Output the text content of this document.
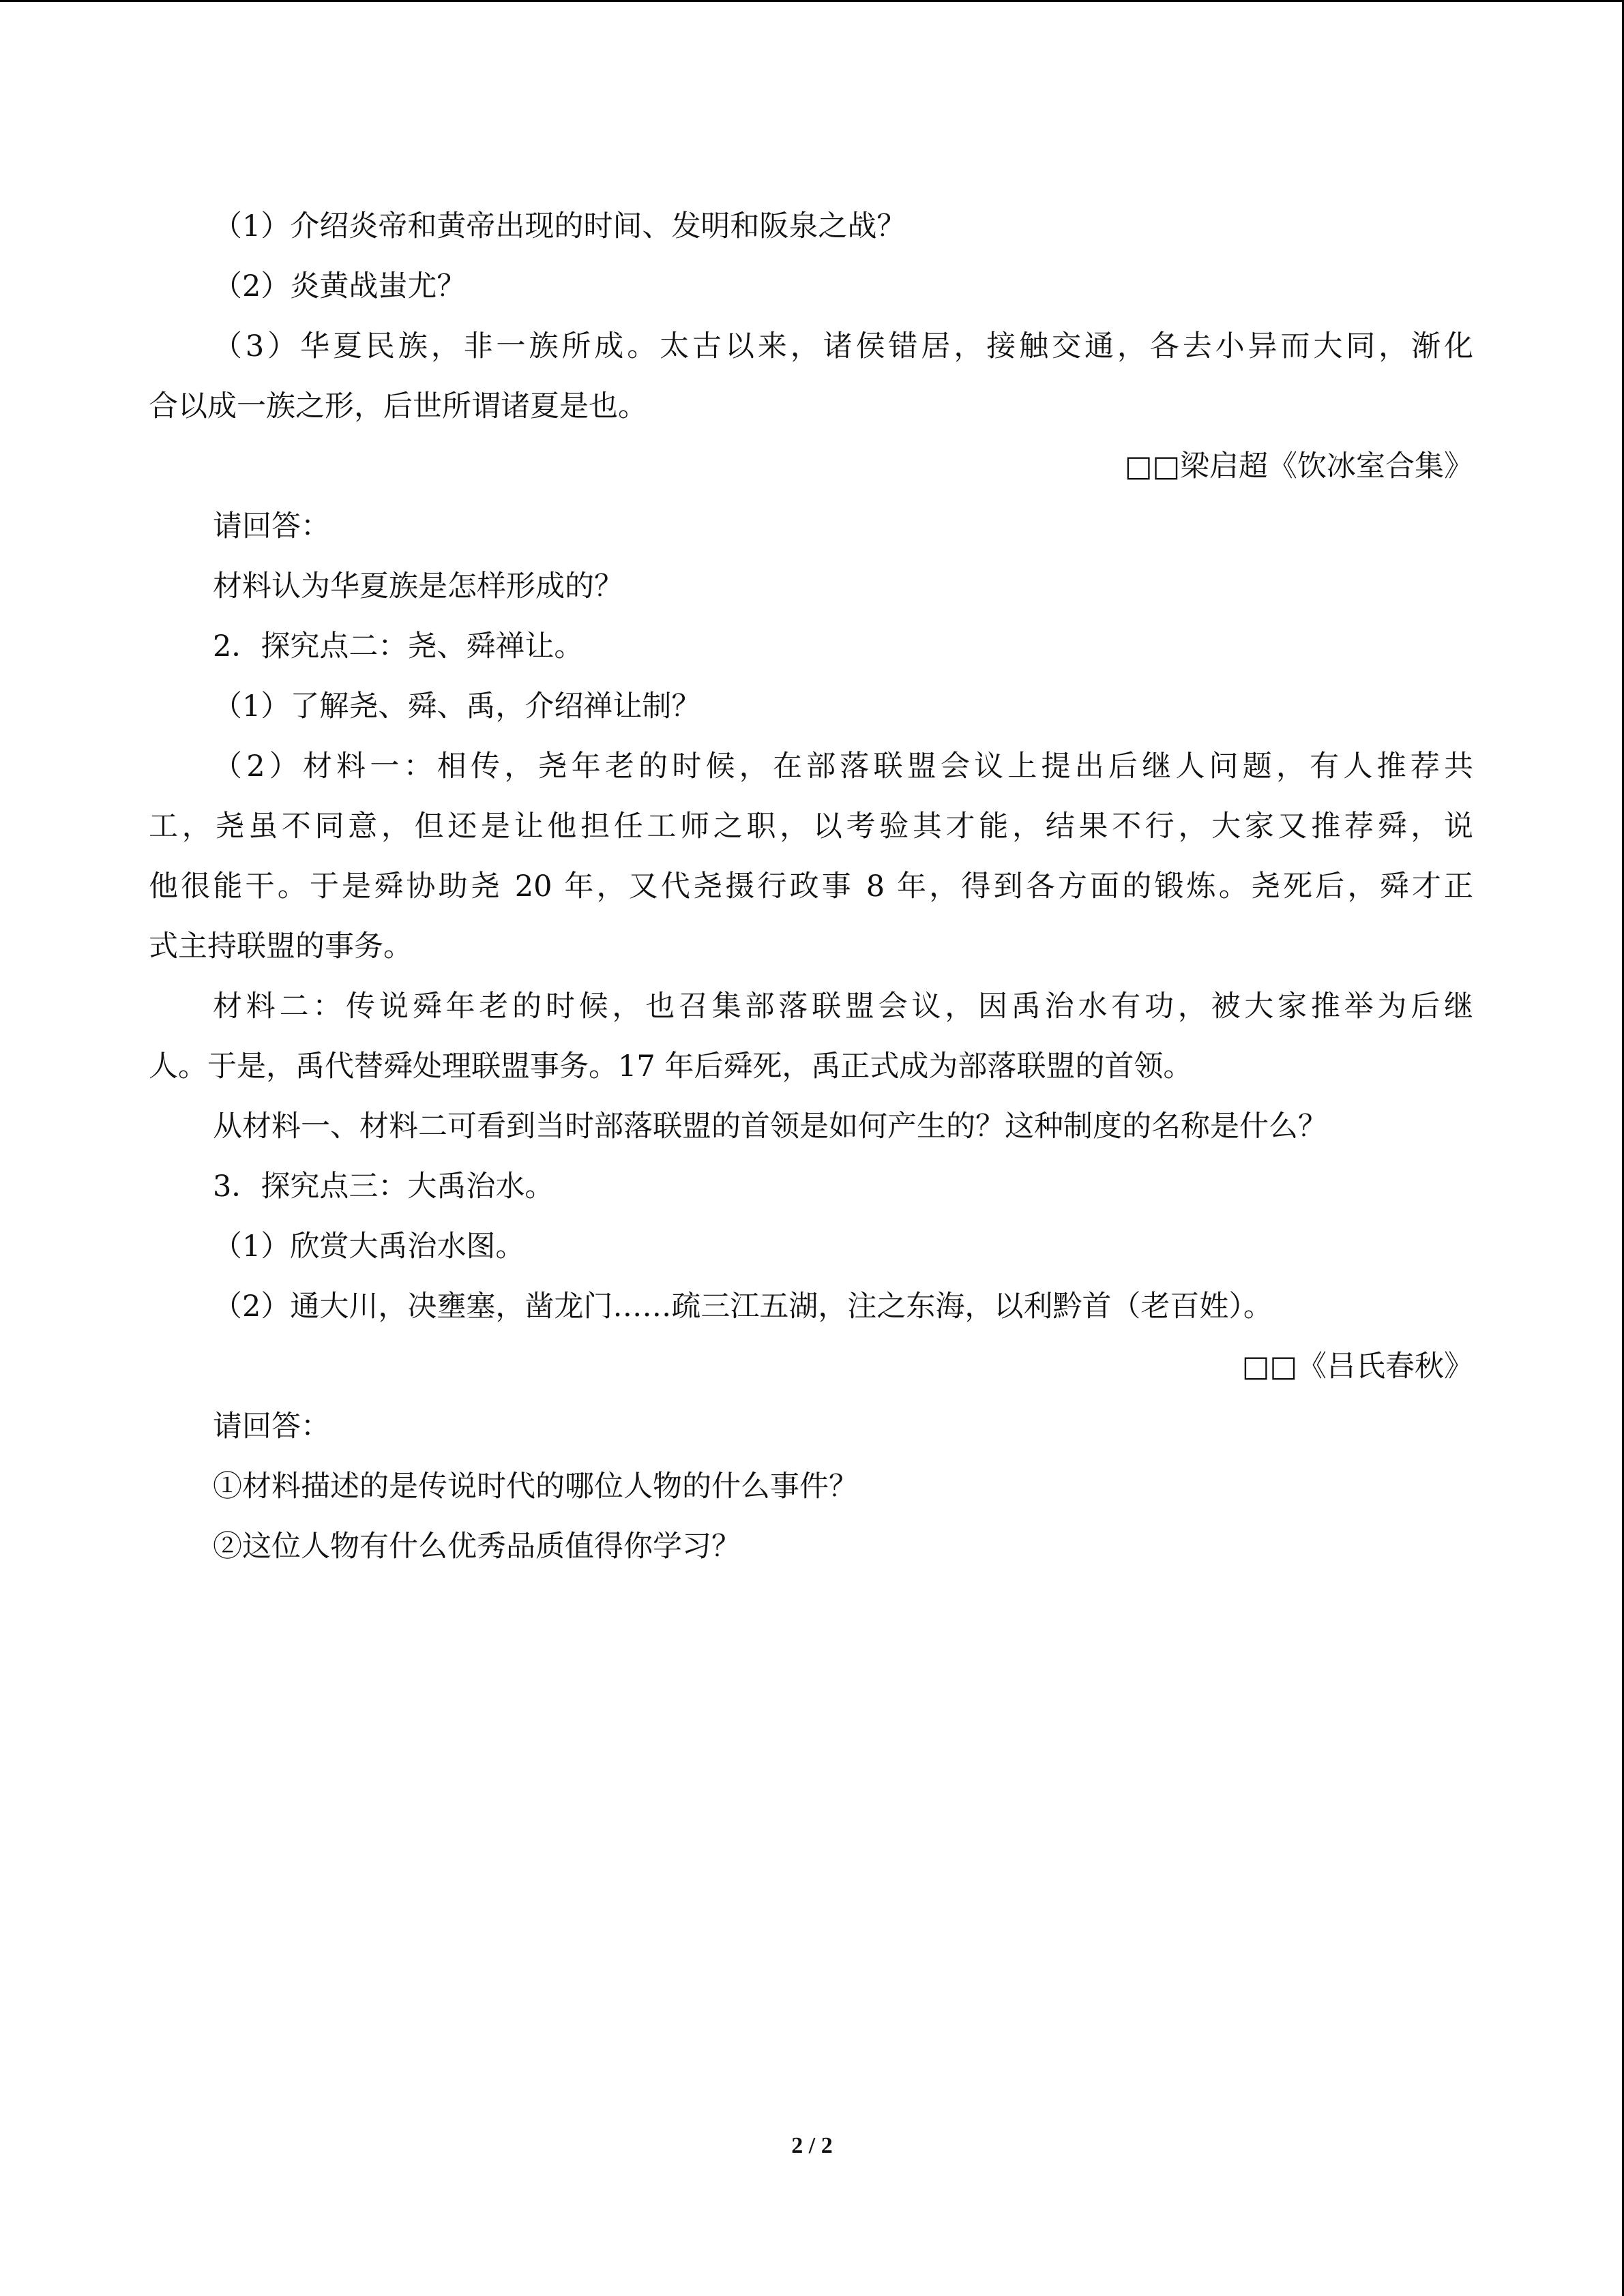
（1）介绍炎帝和黄帝出现的时间、发明和阪泉之战？
（2）炎黄战蚩尤？
（3）华夏民族，非一族所成。太古以来，诸侯错居，接触交通，各去小异而大同，渐化
合以成一族之形，后世所谓诸夏是也。
□□梁启超《饮冰室合集》
请回答：
材料认为华夏族是怎样形成的？
2．探究点二：尧、舜禅让。
（1）了解尧、舜、禹，介绍禅让制？
（2）材料一：相传，尧年老的时候，在部落联盟会议上提出后继人问题，有人推荐共
工，尧虽不同意，但还是让他担任工师之职，以考验其才能，结果不行，大家又推荐舜，说
他很能干。于是舜协助尧 20 年，又代尧摄行政事 8 年，得到各方面的锻炼。尧死后，舜才正
式主持联盟的事务。
材料二：传说舜年老的时候，也召集部落联盟会议，因禹治水有功，被大家推举为后继
人。于是，禹代替舜处理联盟事务。17 年后舜死，禹正式成为部落联盟的首领。
从材料一、材料二可看到当时部落联盟的首领是如何产生的？这种制度的名称是什么？
3．探究点三：大禹治水。
（1）欣赏大禹治水图。
（2）通大川，决壅塞，凿龙门……疏三江五湖，注之东海，以利黔首（老百姓）。
□□《吕氏春秋》
请回答：
①材料描述的是传说时代的哪位人物的什么事件？
②这位人物有什么优秀品质值得你学习？
2 / 2
